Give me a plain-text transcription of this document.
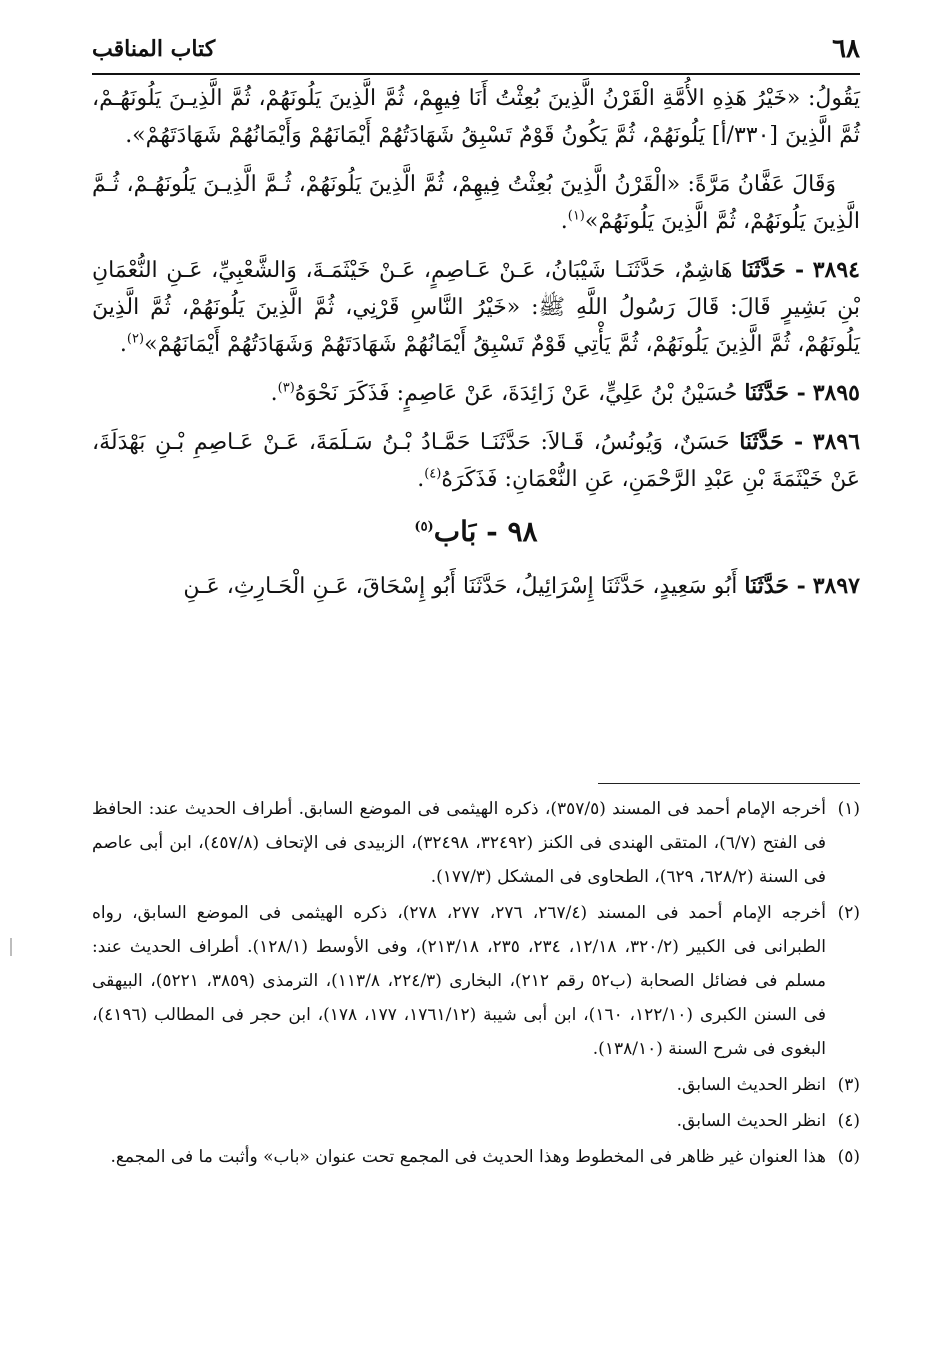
كتاب المناقب	٦٨

يَقُولُ: «خَيْرُ هَذِهِ الأُمَّةِ الْقَرْنُ الَّذِينَ بُعِثْتُ أَنَا فِيهِمْ، ثُمَّ الَّذِينَ يَلُونَهُمْ، ثُمَّ الَّذِيـنَ يَلُونَهُـمْ، ثُمَّ الَّذِينَ [٣٣٠/أ] يَلُونَهُمْ، ثُمَّ يَكُونُ قَوْمٌ تَسْبِقُ شَهَادَتُهُمْ أَيْمَانَهُمْ وَأَيْمَانُهُمْ شَهَادَتَهُمْ».

وَقَالَ عَفَّانُ مَرَّةً: «الْقَرْنُ الَّذِينَ بُعِثْتُ فِيهِمْ، ثُمَّ الَّذِينَ يَلُونَهُمْ، ثُـمَّ الَّذِيـنَ يَلُونَهُـمْ، ثُـمَّ الَّذِينَ يَلُونَهُمْ، ثُمَّ الَّذِينَ يَلُونَهُمْ»$^{(١)}$.

٣٨٩٤ - حَدَّثَنَا هَاشِمٌ، حَدَّثَنَـا شَيْبَانُ، عَـنْ عَـاصِمٍ، عَـنْ خَيْثَمَـةَ، وَالشَّعْبِيِّ، عَـنِ النُّعْمَانِ بْنِ بَشِيرٍ قَالَ: قَالَ رَسُولُ اللَّهِ ﷺ: «خَيْرُ النَّاسِ قَرْنِي، ثُمَّ الَّذِينَ يَلُونَهُمْ، ثُمَّ الَّذِينَ يَلُونَهُمْ، ثُمَّ الَّذِينَ يَلُونَهُمْ، ثُمَّ يَأْتِي قَوْمٌ تَسْبِقُ أَيْمَانُهُمْ شَهَادَتَهُمْ وَشَهَادَتُهُمْ أَيْمَانَهُمْ»$^{(٢)}$.

٣٨٩٥ - حَدَّثَنَا حُسَيْنُ بْنُ عَلِيٍّ، عَنْ زَائِدَةَ، عَنْ عَاصِمٍ: فَذَكَرَ نَحْوَهُ$^{(٣)}$.

٣٨٩٦ - حَدَّثَنَا حَسَنٌ، وَيُونُسُ، قَـالاَ: حَدَّثَنَـا حَمَّـادُ بْـنُ سَـلَمَةَ، عَـنْ عَـاصِمِ بْـنِ بَهْدَلَةَ، عَنْ خَيْثَمَةَ بْنِ عَبْدِ الرَّحْمَنِ، عَنِ النُّعْمَانِ: فَذَكَرَهُ$^{(٤)}$.

٩٨ - بَاب$^{(٥)}$

٣٨٩٧ - حَدَّثَنَا أَبُو سَعِيدٍ، حَدَّثَنَا إِسْرَائِيلُ، حَدَّثَنَا أَبُو إِسْحَاقَ، عَـنِ الْحَـارِثِ، عَـنِ

(١)
أخرجه الإمام أحمد فى المسند (٣٥٧/٥)، ذكره الهيثمى فى الموضع السابق. أطراف الحديث عند: الحافظ فى الفتح (٦/٧)، المتقى الهندى فى الكنز (٣٢٤٩٢، ٣٢٤٩٨)، الزبيدى فى الإتحاف (٤٥٧/٨)، ابن أبى عاصم فى السنة (٦٢٨/٢، ٦٢٩)، الطحاوى فى المشكل (١٧٧/٣).
(٢)
أخرجه الإمام أحمد فى المسند (٢٦٧/٤، ٢٧٦، ٢٧٧، ٢٧٨)، ذكره الهيثمى فى الموضع السابق، رواه الطبرانى فى الكبير (٣٢٠/٢، ١٢/١٨، ٢٣٤، ٢٣٥، ٢١٣/١٨)، وفى الأوسط (١٢٨/١). أطراف الحديث عند: مسلم فى فضائل الصحابة (ب٥٢ رقم ٢١٢)، البخارى (٢٢٤/٣، ١١٣/٨)، الترمذى (٣٨٥٩، ٥٢٢١)، البيهقى فى السنن الكبرى (١٢٢/١٠، ١٦٠)، ابن أبى شيبة (١٧٦١/١٢، ١٧٧، ١٧٨)، ابن حجر فى المطالب (٤١٩٦)، البغوى فى شرح السنة (١٣٨/١٠).
(٣)
انظر الحديث السابق.
(٤)
انظر الحديث السابق.
(٥)
هذا العنوان غير ظاهر فى المخطوط وهذا الحديث فى المجمع تحت عنوان «باب» وأثبت ما فى المجمع.
